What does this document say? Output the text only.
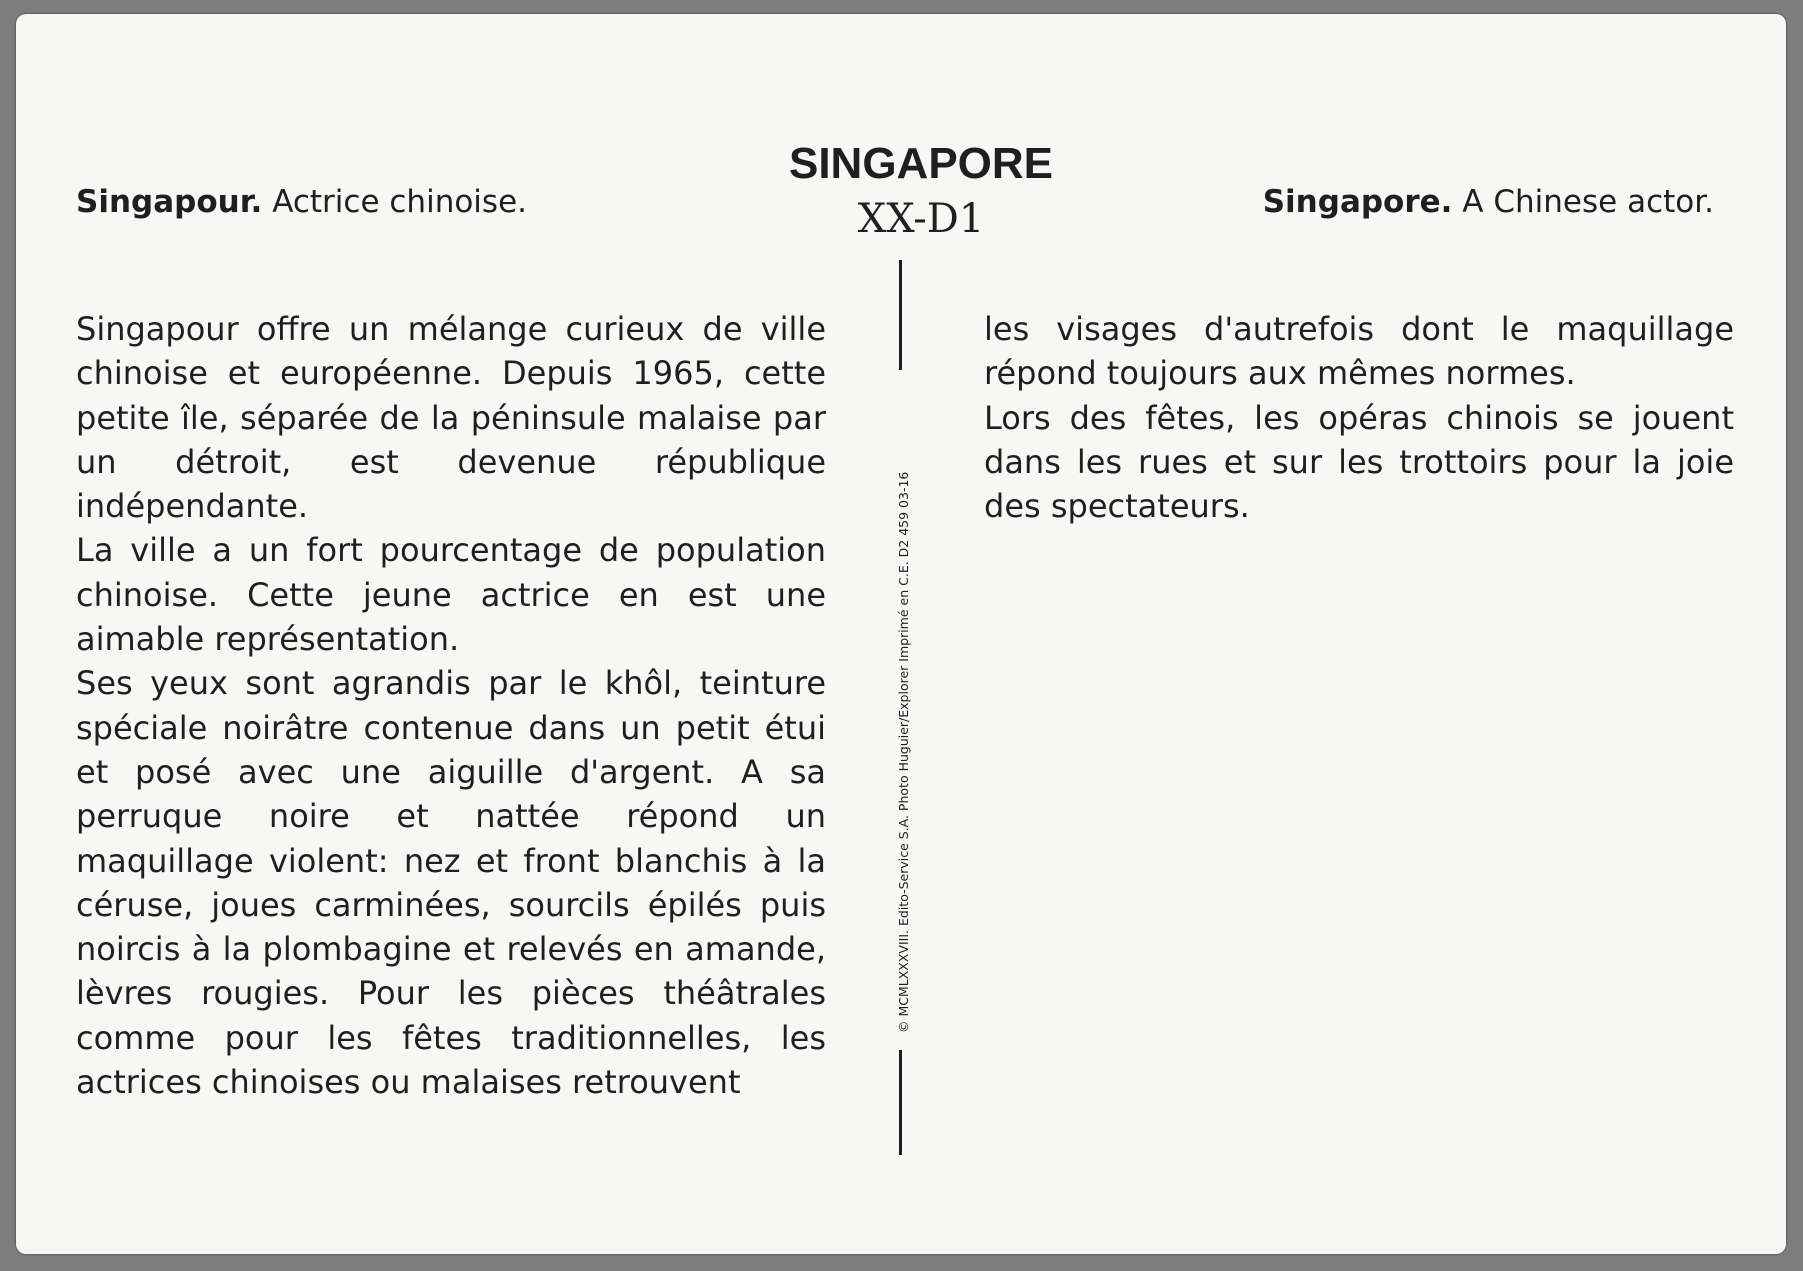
SINGAPORE
XX-D1
Singapour. Actrice chinoise.	Singapore. A Chinese actor.

Singapour offre un mélange curieux de ville chinoise et européenne. Depuis 1965, cette petite île, séparée de la péninsule malaise par un détroit, est devenue république indépendante.

La ville a un fort pourcentage de population chinoise. Cette jeune actrice en est une aimable représentation.

Ses yeux sont agrandis par le khôl, teinture spéciale noirâtre contenue dans un petit étui et posé avec une aiguille d'argent. A sa perruque noire et nattée répond un maquillage violent: nez et front blanchis à la céruse, joues carminées, sourcils épilés puis noircis à la plombagine et relevés en amande, lèvres rougies. Pour les pièces théâtrales comme pour les fêtes traditionnelles, les actrices chinoises ou malaises retrouvent

© MCMLXXXVIII. Edito-Service S.A. Photo Huguier/Explorer Imprimé en C.E. D2 459 03-16

les visages d'autrefois dont le maquillage répond toujours aux mêmes normes.

Lors des fêtes, les opéras chinois se jouent dans les rues et sur les trottoirs pour la joie des spectateurs.
